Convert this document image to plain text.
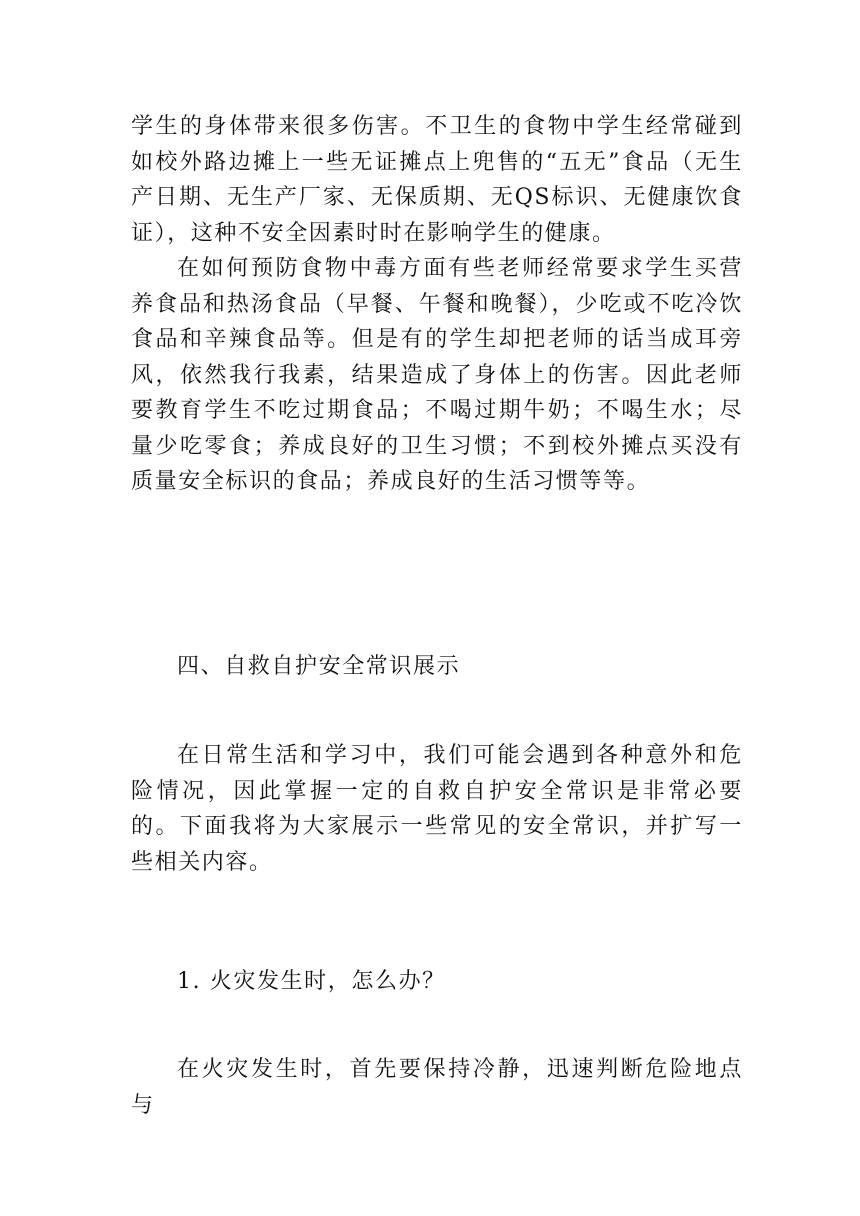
学生的身体带来很多伤害。不卫生的食物中学生经常碰到如校外路边摊上一些无证摊点上兜售的“五无”食品（无生产日期、无生产厂家、无保质期、无QS标识、无健康饮食证），这种不安全因素时时在影响学生的健康。

在如何预防食物中毒方面有些老师经常要求学生买营养食品和热汤食品（早餐、午餐和晚餐），少吃或不吃冷饮食品和辛辣食品等。但是有的学生却把老师的话当成耳旁风，依然我行我素，结果造成了身体上的伤害。因此老师要教育学生不吃过期食品；不喝过期牛奶；不喝生水；尽量少吃零食；养成良好的卫生习惯；不到校外摊点买没有质量安全标识的食品；养成良好的生活习惯等等。

四、自救自护安全常识展示

在日常生活和学习中，我们可能会遇到各种意外和危险情况，因此掌握一定的自救自护安全常识是非常必要的。下面我将为大家展示一些常见的安全常识，并扩写一些相关内容。

1. 火灾发生时，怎么办？

在火灾发生时，首先要保持冷静，迅速判断危险地点与
